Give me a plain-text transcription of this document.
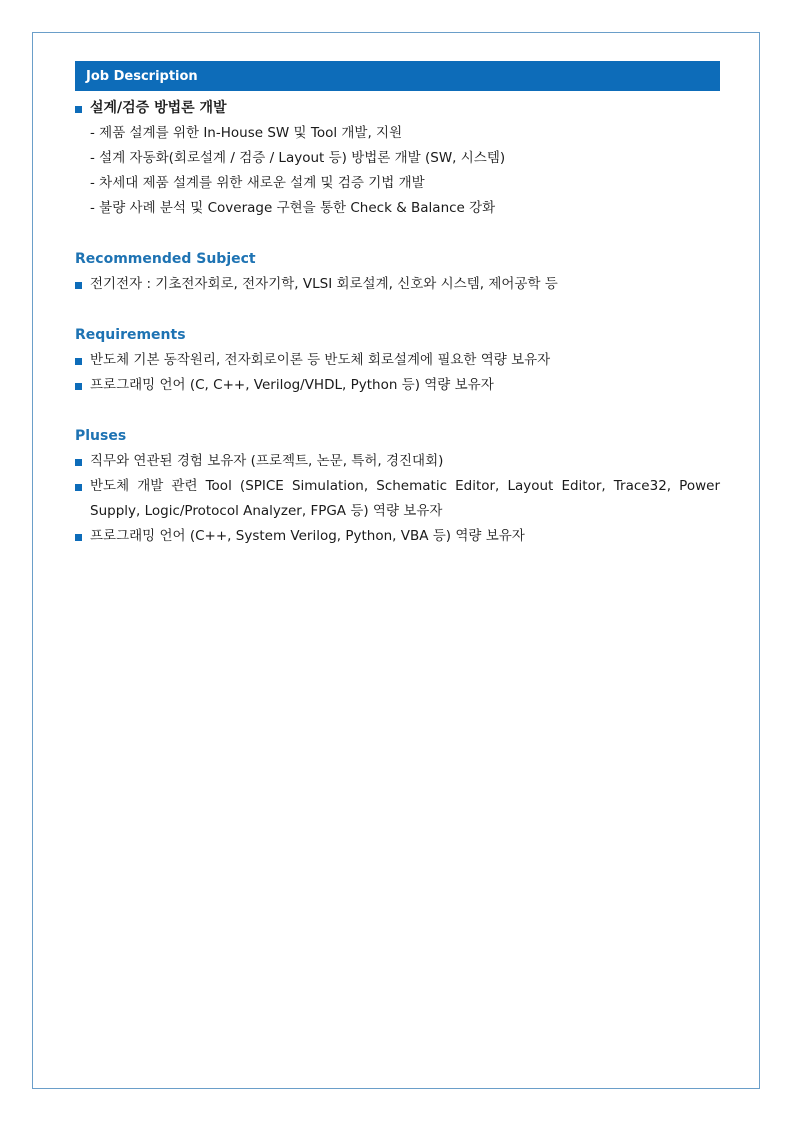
Job Description
설계/검증 방법론 개발
- 제품 설계를 위한 In-House SW 및 Tool 개발, 지원
- 설계 자동화(회로설계 / 검증 / Layout 등) 방법론 개발 (SW, 시스템)
- 차세대 제품 설계를 위한 새로운 설계 및 검증 기법 개발
- 불량 사례 분석 및 Coverage 구현을 통한 Check & Balance 강화
Recommended Subject
전기전자 : 기초전자회로, 전자기학, VLSI 회로설계, 신호와 시스템, 제어공학 등
Requirements
반도체 기본 동작원리, 전자회로이론 등 반도체 회로설계에 필요한 역량 보유자
프로그래밍 언어 (C, C++, Verilog/VHDL, Python 등) 역량 보유자
Pluses
직무와 연관된 경험 보유자 (프로젝트, 논문, 특허, 경진대회)
반도체 개발 관련 Tool (SPICE Simulation, Schematic Editor, Layout Editor, Trace32, Power
Supply, Logic/Protocol Analyzer, FPGA 등) 역량 보유자
프로그래밍 언어 (C++, System Verilog, Python, VBA 등) 역량 보유자
